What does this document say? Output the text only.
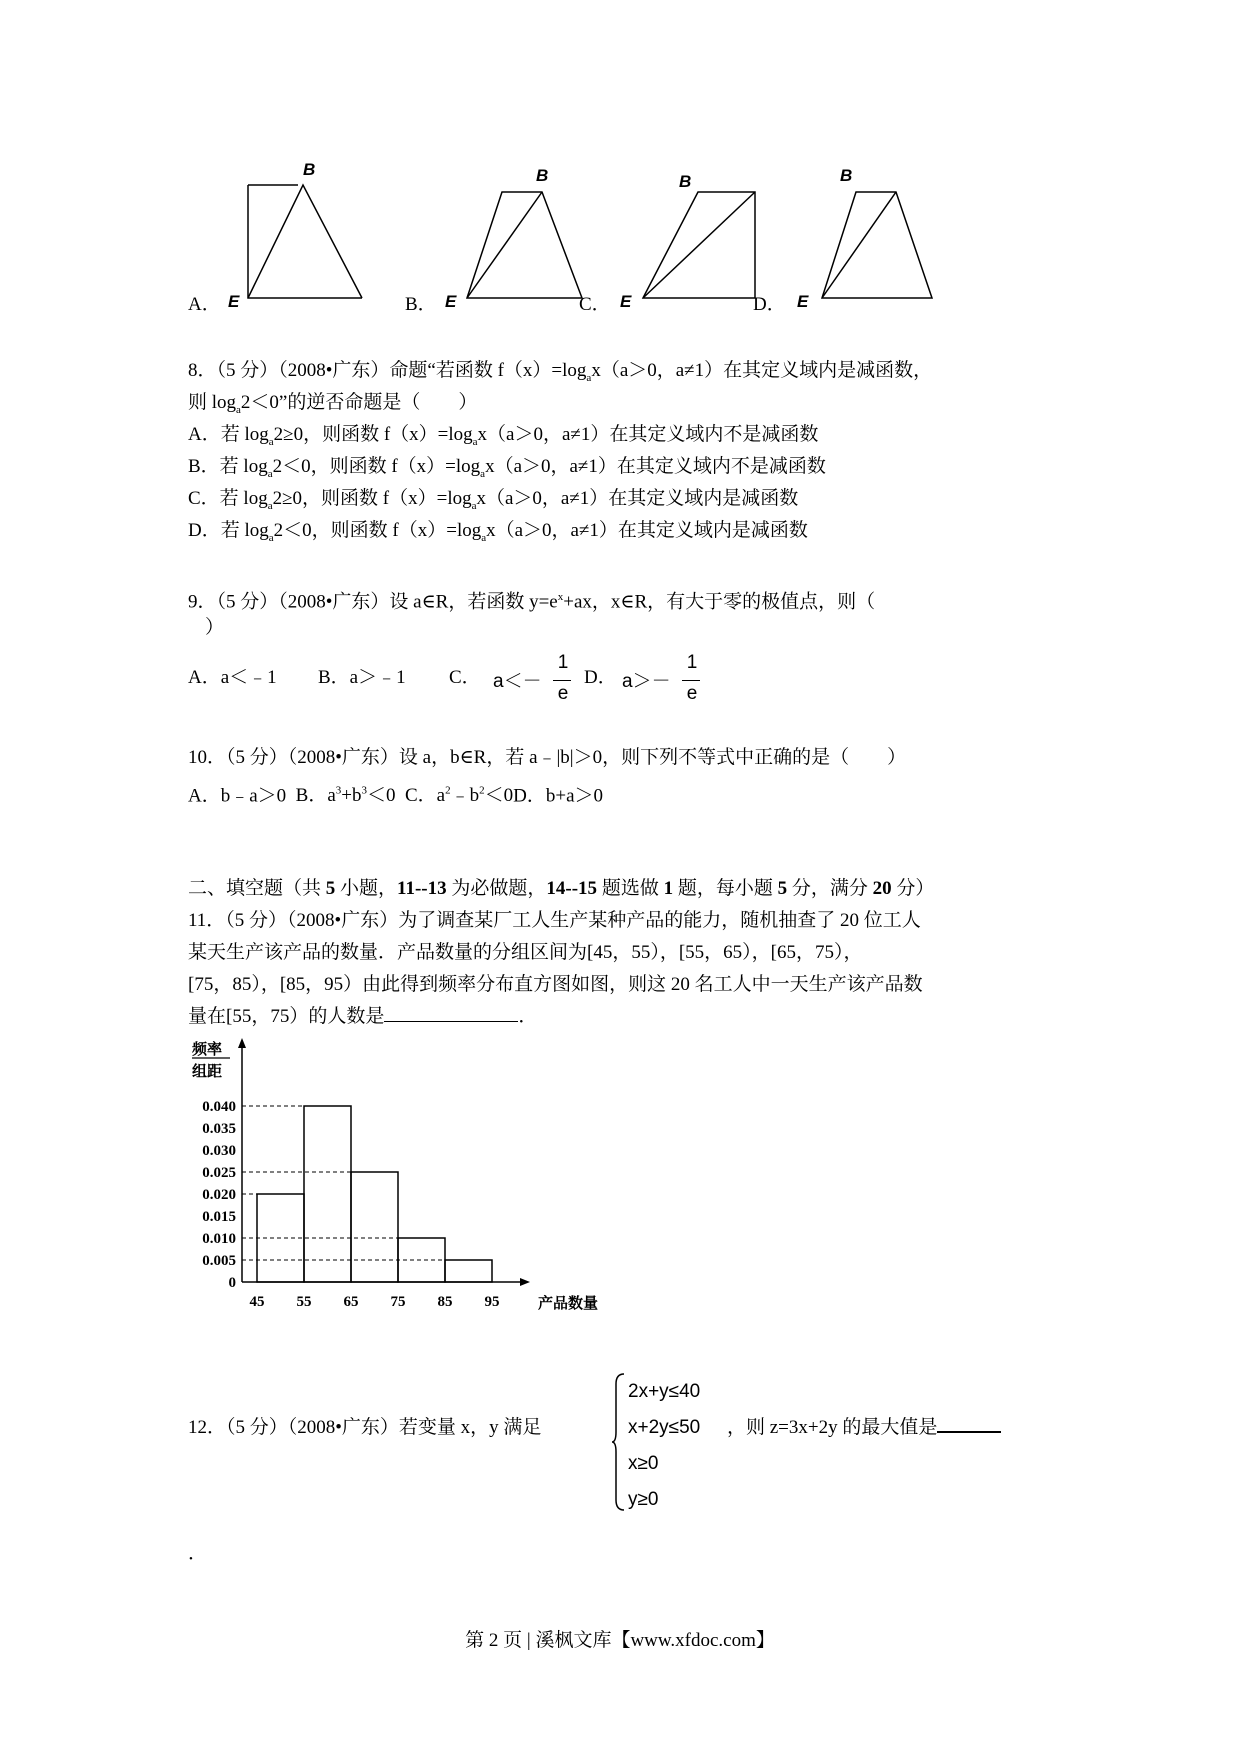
A．
B
E	B．
B
E	C．
B
E	D．
B
E
8．（5 分）（2008•广东）命题“若函数 $f(x)=\log_ax(a>0$，a≠1）在其定义域内是减函数，
则 $\log_a2<0$”的逆否命题是（　　）
A．若 $\log_a2\ge 0$，则函数 $f(x)=\log_ax(a>0$，a≠1）在其定义域内不是减函数
B．若 $\log_a2<0$，则函数 $f(x)=\log_ax(a>0$，a≠1）在其定义域内不是减函数
C．若 $\log_a2\ge 0$，则函数 $f(x)=\log_ax(a>0$，a≠1）在其定义域内是减函数
D．若 $\log_a2<0$，则函数 $f(x)=\log_ax(a>0$，a≠1）在其定义域内是减函数
9．（5 分）（2008•广东）设 a∈R，若函数 $y=e^x+ax$，x∈R，有大于零的极值点，则（
）
A．a＜﹣1 B．a＞﹣1 C． a＜－
1
e
D． a＞－
1
e
10．（5 分）（2008•广东）设 a，b∈R，若 a﹣|b|＞0，则下列不等式中正确的是（　　）
A．b﹣a＞0 B．$a^3+b^3<0$ C．$a^2﹣b^2<0D$．b+a＞0
二、填空题（共 5 小题，11--13 为必做题，14--15 题选做 1 题，每小题 5 分，满分 20 分）
11．（5 分）（2008•广东）为了调查某厂工人生产某种产品的能力，随机抽查了 20 位工人
某天生产该产品的数量．产品数量的分组区间为[45，55），[55，65），[65，75），
[75，85），[85，95）由此得到频率分布直方图如图，则这 20 名工人中一天生产该产品数
量在[55，75）的人数是	．
0.040
0.035
0.030
0.025
0.020
0.015
0.010
0.005
0
45 55 65 75 85 95
频率
组距
产品数量
12．（5 分）（2008•广东）若变量 x，y 满足
2x+y≤40
x+2y≤50
x≥0
y≥0
，则 z=3x+2y 的最大值是
．
第 2 页 | 溪枫文库【www.xfdoc.com】
